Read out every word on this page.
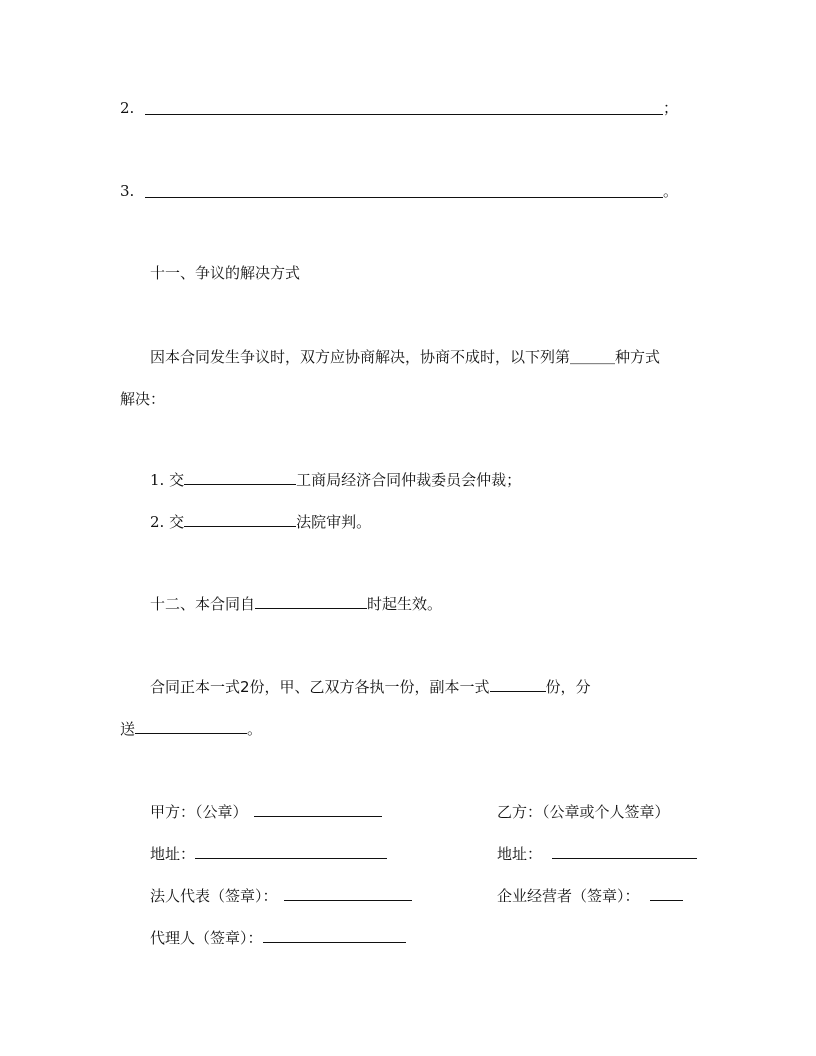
2.	；
3.	。
十一、争议的解决方式
因本合同发生争议时，双方应协商解决，协商不成时，以下列第＿＿＿种方式
解决：
1. 交	工商局经济合同仲裁委员会仲裁；
2. 交	法院审判。
十二、本合同自	时起生效。
合同正本一式2份，甲、乙双方各执一份，副本一式	份，分
送	。
甲方：（公章）	乙方：（公章或个人签章）
地址：	地址：
法人代表（签章）：	企业经营者（签章）：
代理人（签章）：
